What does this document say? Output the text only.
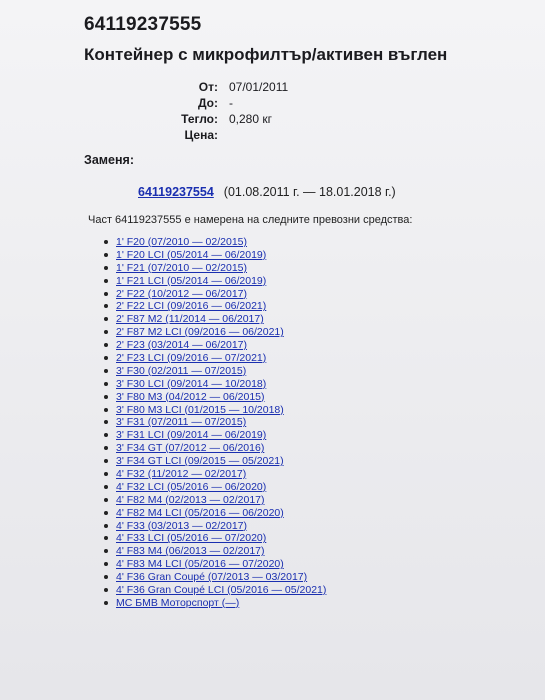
64119237555
Контейнер с микрофилтър/активен въглен
От: 07/01/2011
До: -
Тегло: 0,280 кг
Цена:
Заменя:
64119237554 (01.08.2011 г. — 18.01.2018 г.)
Част 64119237555 е намерена на следните превозни средства:
1' F20 (07/2010 — 02/2015)
1' F20 LCI (05/2014 — 06/2019)
1' F21 (07/2010 — 02/2015)
1' F21 LCI (05/2014 — 06/2019)
2' F22 (10/2012 — 06/2017)
2' F22 LCI (09/2016 — 06/2021)
2' F87 M2 (11/2014 — 06/2017)
2' F87 M2 LCI (09/2016 — 06/2021)
2' F23 (03/2014 — 06/2017)
2' F23 LCI (09/2016 — 07/2021)
3' F30 (02/2011 — 07/2015)
3' F30 LCI (09/2014 — 10/2018)
3' F80 M3 (04/2012 — 06/2015)
3' F80 M3 LCI (01/2015 — 10/2018)
3' F31 (07/2011 — 07/2015)
3' F31 LCI (09/2014 — 06/2019)
3' F34 GT (07/2012 — 06/2016)
3' F34 GT LCI (09/2015 — 05/2021)
4' F32 (11/2012 — 02/2017)
4' F32 LCI (05/2016 — 06/2020)
4' F82 M4 (02/2013 — 02/2017)
4' F82 M4 LCI (05/2016 — 06/2020)
4' F33 (03/2013 — 02/2017)
4' F33 LCI (05/2016 — 07/2020)
4' F83 M4 (06/2013 — 02/2017)
4' F83 M4 LCI (05/2016 — 07/2020)
4' F36 Gran Coupé (07/2013 — 03/2017)
4' F36 Gran Coupé LCI (05/2016 — 05/2021)
МС БМВ Моторспорт (—)
